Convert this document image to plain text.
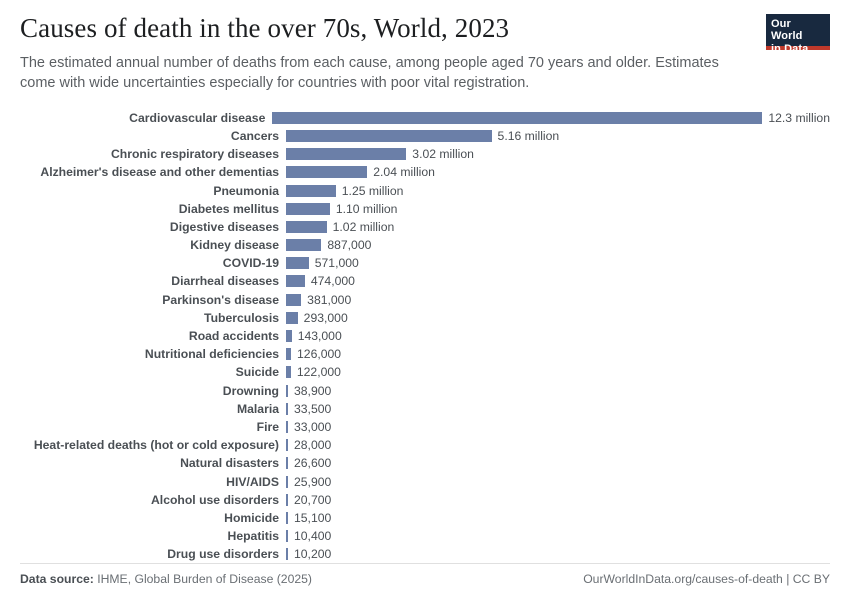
Our World
in Data
Causes of death in the over 70s, World, 2023

The estimated annual number of deaths from each cause, among people aged 70 years and older. Estimates come with wide uncertainties especially for countries with poor vital registration.

Cardiovascular disease	12.3 million
Cancers	5.16 million
Chronic respiratory diseases	3.02 million
Alzheimer's disease and other dementias	2.04 million
Pneumonia	1.25 million
Diabetes mellitus	1.10 million
Digestive diseases	1.02 million
Kidney disease	887,000
COVID-19	571,000
Diarrheal diseases	474,000
Parkinson's disease	381,000
Tuberculosis	293,000
Road accidents	143,000
Nutritional deficiencies	126,000
Suicide	122,000
Drowning	38,900
Malaria	33,500
Fire	33,000
Heat-related deaths (hot or cold exposure)	28,000
Natural disasters	26,600
HIV/AIDS	25,900
Alcohol use disorders	20,700
Homicide	15,100
Hepatitis	10,400
Drug use disorders	10,200
Data source: IHME, Global Burden of Disease (2025)	OurWorldInData.org/causes-of-death | CC BY
